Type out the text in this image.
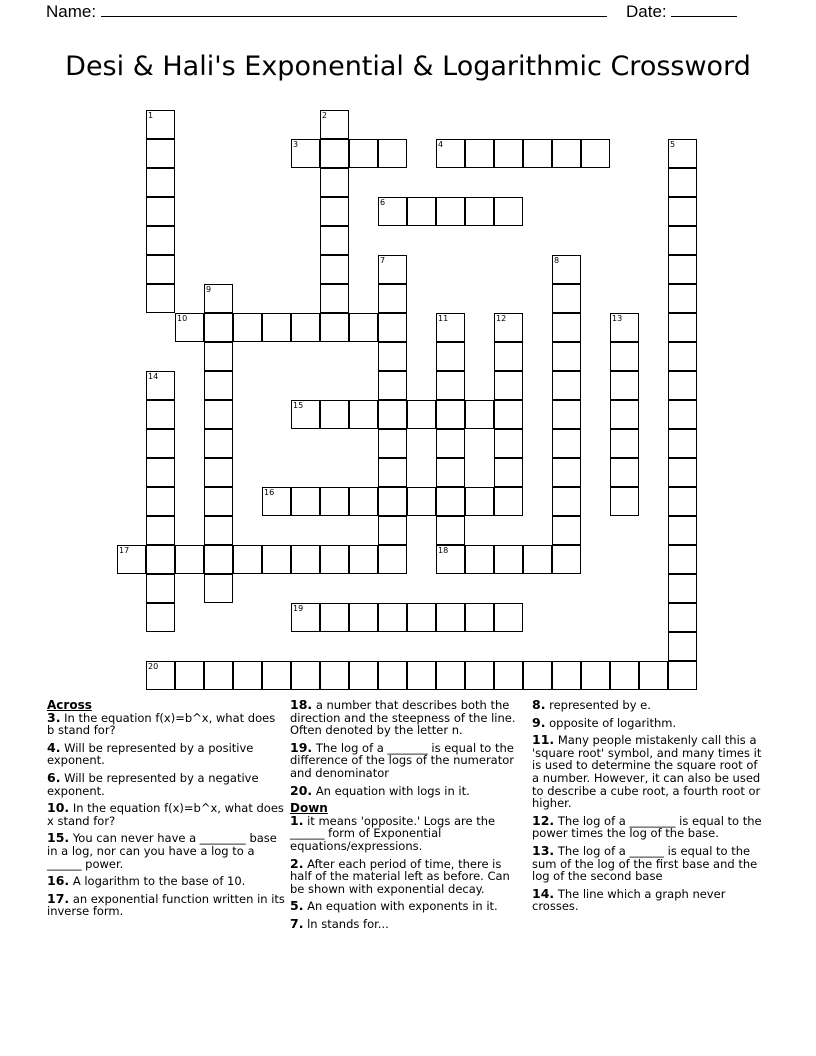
Name:	Date:
Desi & Hali's Exponential & Logarithmic Crossword
1	2
3	4	5
6
7	8
9
10	11
18
12	13
14
15
16
17
19
20

Across

3. In the equation f(x)=b^x, what does b stand for?
4. Will be represented by a positive exponent.
6. Will be represented by a negative exponent.
10. In the equation f(x)=b^x, what does x stand for?
15. You can never have a ________ base in a log, nor can you have a log to a ______ power.
16. A logarithm to the base of 10.
17. an exponential function written in its inverse form.
18. a number that describes both the direction and the steepness of the line. Often denoted by the letter n.
19. The log of a _______ is equal to the difference of the logs of the numerator and denominator
20. An equation with logs in it.

Down

1. it means 'opposite.' Logs are the ______ form of Exponential equations/expressions.
2. After each period of time, there is half of the material left as before. Can be shown with exponential decay.
5. An equation with exponents in it.
7. ln stands for...
8. represented by e.
9. opposite of logarithm.
11. Many people mistakenly call this a 'square root' symbol, and many times it is used to determine the square root of a number. However, it can also be used to describe a cube root, a fourth root or higher.
12. The log of a ________ is equal to the power times the log of the base.
13. The log of a ______ is equal to the sum of the log of the first base and the log of the second base
14. The line which a graph never crosses.
